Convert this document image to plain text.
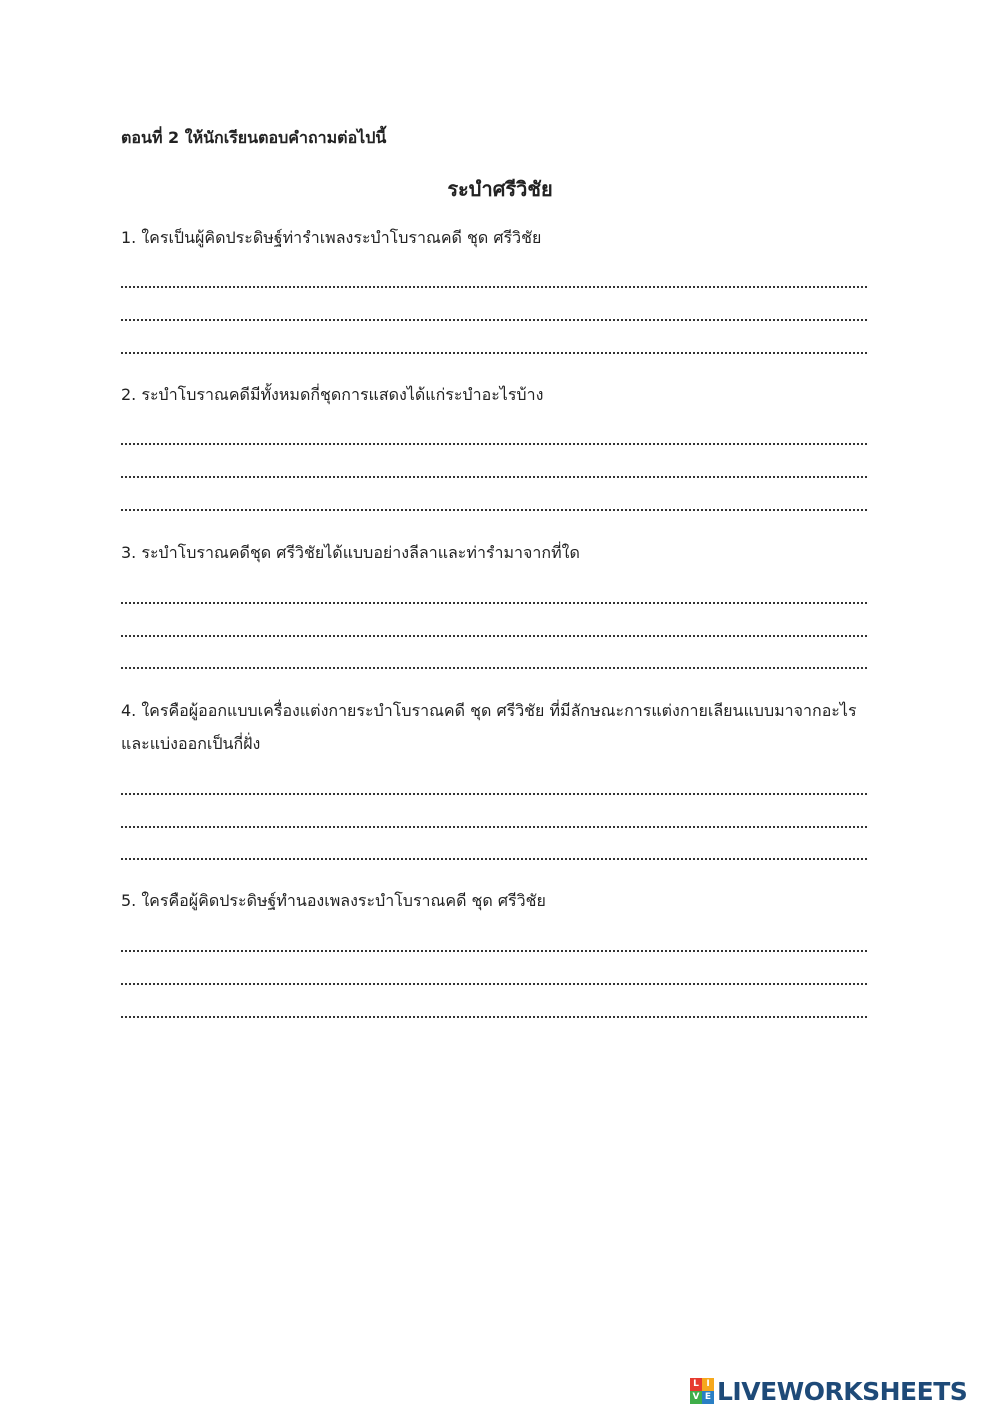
ตอนที่ 2 ให้นักเรียนตอบคำถามต่อไปนี้
ระบำศรีวิชัย
1. ใครเป็นผู้คิดประดิษฐ์ท่ารำเพลงระบำโบราณคดี ชุด ศรีวิชัย
2. ระบำโบราณคดีมีทั้งหมดกี่ชุดการแสดงได้แก่ระบำอะไรบ้าง
3. ระบำโบราณคดีชุด ศรีวิชัยได้แบบอย่างลีลาและท่ารำมาจากที่ใด
4. ใครคือผู้ออกแบบเครื่องแต่งกายระบำโบราณคดี ชุด ศรีวิชัย ที่มีลักษณะการแต่งกายเลียนแบบมาจากอะไรและแบ่งออกเป็นกี่ฝั่ง
5. ใครคือผู้คิดประดิษฐ์ทำนองเพลงระบำโบราณคดี ชุด ศรีวิชัย
L I
V E LIVEWORKSHEETS
